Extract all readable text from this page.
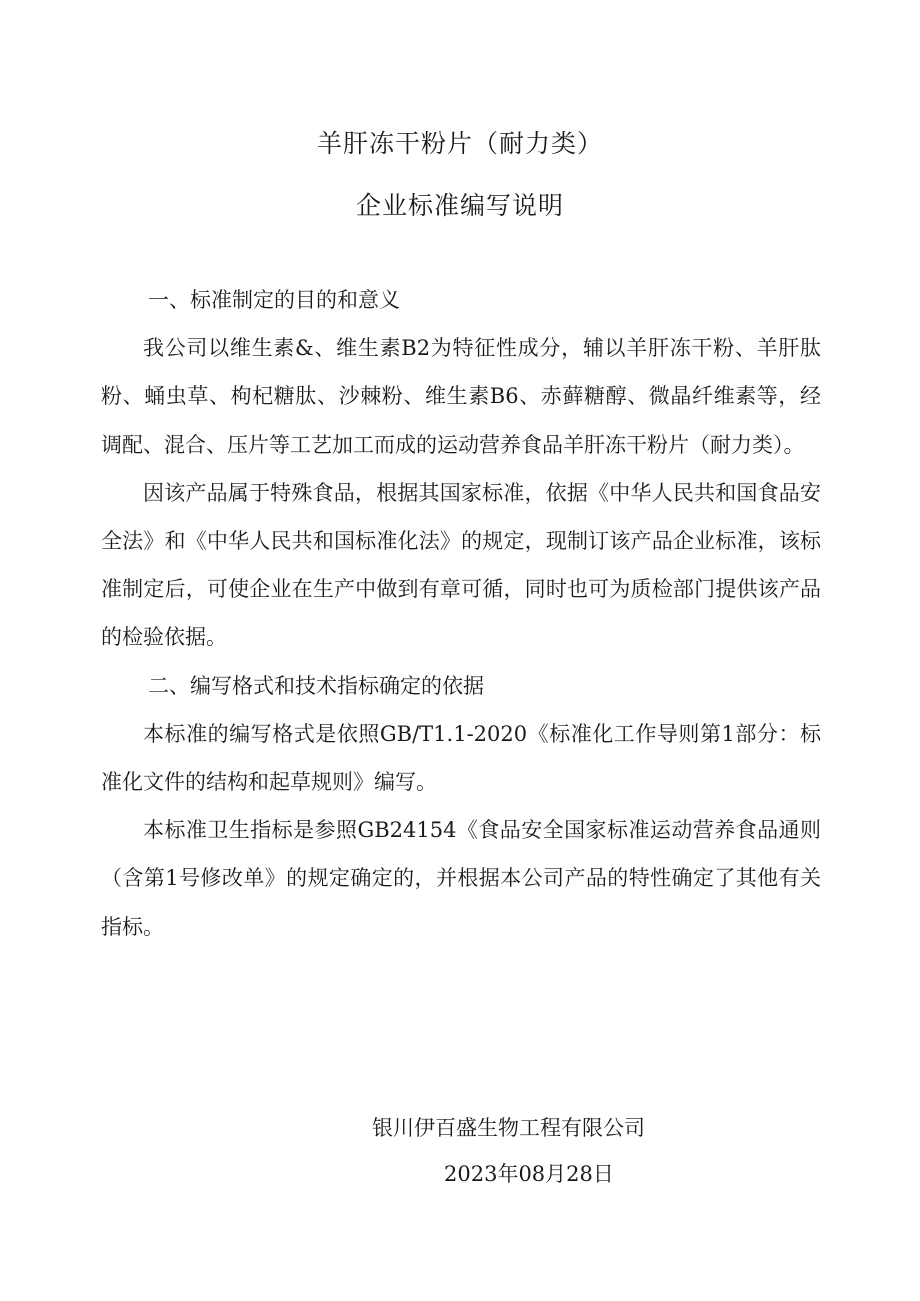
羊肝冻干粉片（耐力类）
企业标准编写说明

一、标准制定的目的和意义

我公司以维生素&、维生素B2为特征性成分，辅以羊肝冻干粉、羊肝肽粉、蛹虫草、枸杞糖肽、沙棘粉、维生素B6、赤藓糖醇、微晶纤维素等，经调配、混合、压片等工艺加工而成的运动营养食品羊肝冻干粉片（耐力类）。

因该产品属于特殊食品，根据其国家标准，依据《中华人民共和国食品安全法》和《中华人民共和国标准化法》的规定，现制订该产品企业标准，该标准制定后，可使企业在生产中做到有章可循，同时也可为质检部门提供该产品的检验依据。

二、编写格式和技术指标确定的依据

本标准的编写格式是依照GB/T1.1-2020《标准化工作导则第1部分：标准化文件的结构和起草规则》编写。

本标准卫生指标是参照GB24154《食品安全国家标准运动营养食品通则（含第1号修改单》的规定确定的，并根据本公司产品的特性确定了其他有关指标。

银川伊百盛生物工程有限公司

2023年08月28日
